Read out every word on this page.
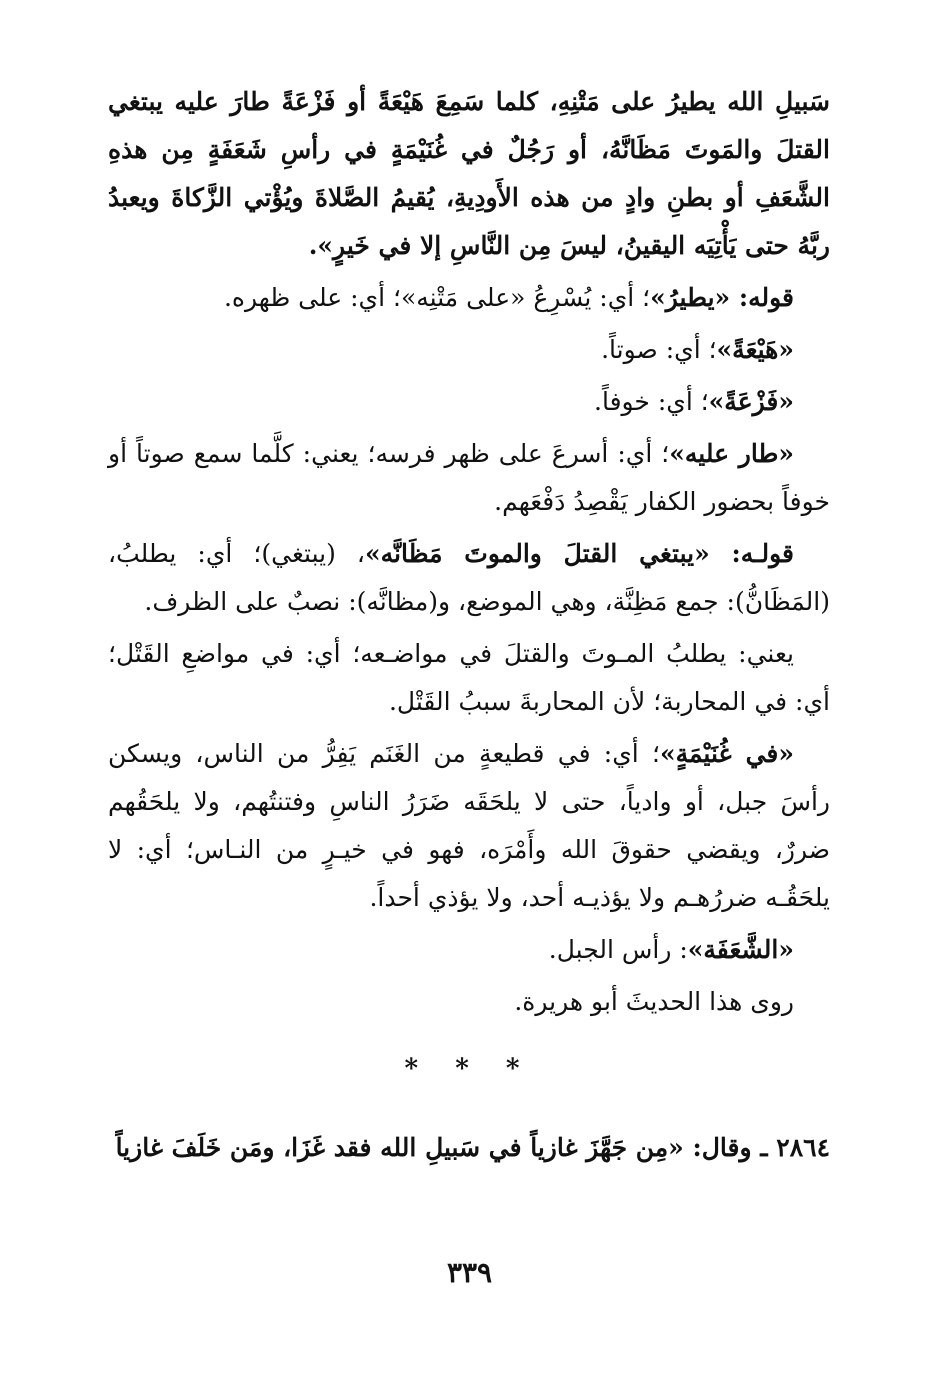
سَبيلِ الله يطيرُ على مَتْنِهِ، كلما سَمِعَ هَيْعَةً أو فَزْعَةً طارَ عليه يبتغي القتلَ والمَوتَ مَظَانَّهُ، أو رَجُلٌ في غُنَيْمَةٍ في رأسِ شَعَفَةٍ مِن هذهِ الشَّعَفِ أو بطنِ وادٍ من هذه الأَودِيةِ، يُقيمُ الصَّلاةَ ويُؤْتي الزَّكاةَ ويعبدُ ربَّهُ حتى يَأْتِيَه اليقينُ، ليسَ مِن النَّاسِ إلا في خَيرٍ».

قوله: «يطيرُ»؛ أي: يُسْرِعُ «على مَتْنِه»؛ أي: على ظهره.

«هَيْعَةً»؛ أي: صوتاً.

«فَزْعَةً»؛ أي: خوفاً.

«طار عليه»؛ أي: أسرعَ على ظهر فرسه؛ يعني: كلَّما سمع صوتاً أو خوفاً بحضور الكفار يَقْصِدُ دَفْعَهم.

قولـه: «يبتغي القتلَ والموتَ مَظَانَّه»، (يبتغي)؛ أي: يطلبُ، (المَظَانُّ): جمع مَظِنَّة، وهي الموضع، و(مظانَّه): نصبٌ على الظرف.

يعني: يطلبُ المـوتَ والقتلَ في مواضـعه؛ أي: في مواضعِ القَتْل؛ أي: في المحاربة؛ لأن المحاربةَ سببُ القَتْل.

«في غُنَيْمَةٍ»؛ أي: في قطيعةٍ من الغَنَم يَفِرُّ من الناس، ويسكن رأسَ جبل، أو وادياً، حتى لا يلحَقَه ضَرَرُ الناسِ وفتنتُهم، ولا يلحَقُهم ضررٌ، ويقضي حقوقَ الله وأَمْرَه، فهو في خيـرٍ من النـاس؛ أي: لا يلحَقُـه ضررُهـم ولا يؤذيـه أحد، ولا يؤذي أحداً.

«الشَّعَفَة»: رأس الجبل.

روى هذا الحديثَ أبو هريرة.

* * *

٢٨٦٤ ـ وقال: «مِن جَهَّزَ غازياً في سَبيلِ الله فقد غَزَا، ومَن خَلَفَ غازياً

٣٣٩
